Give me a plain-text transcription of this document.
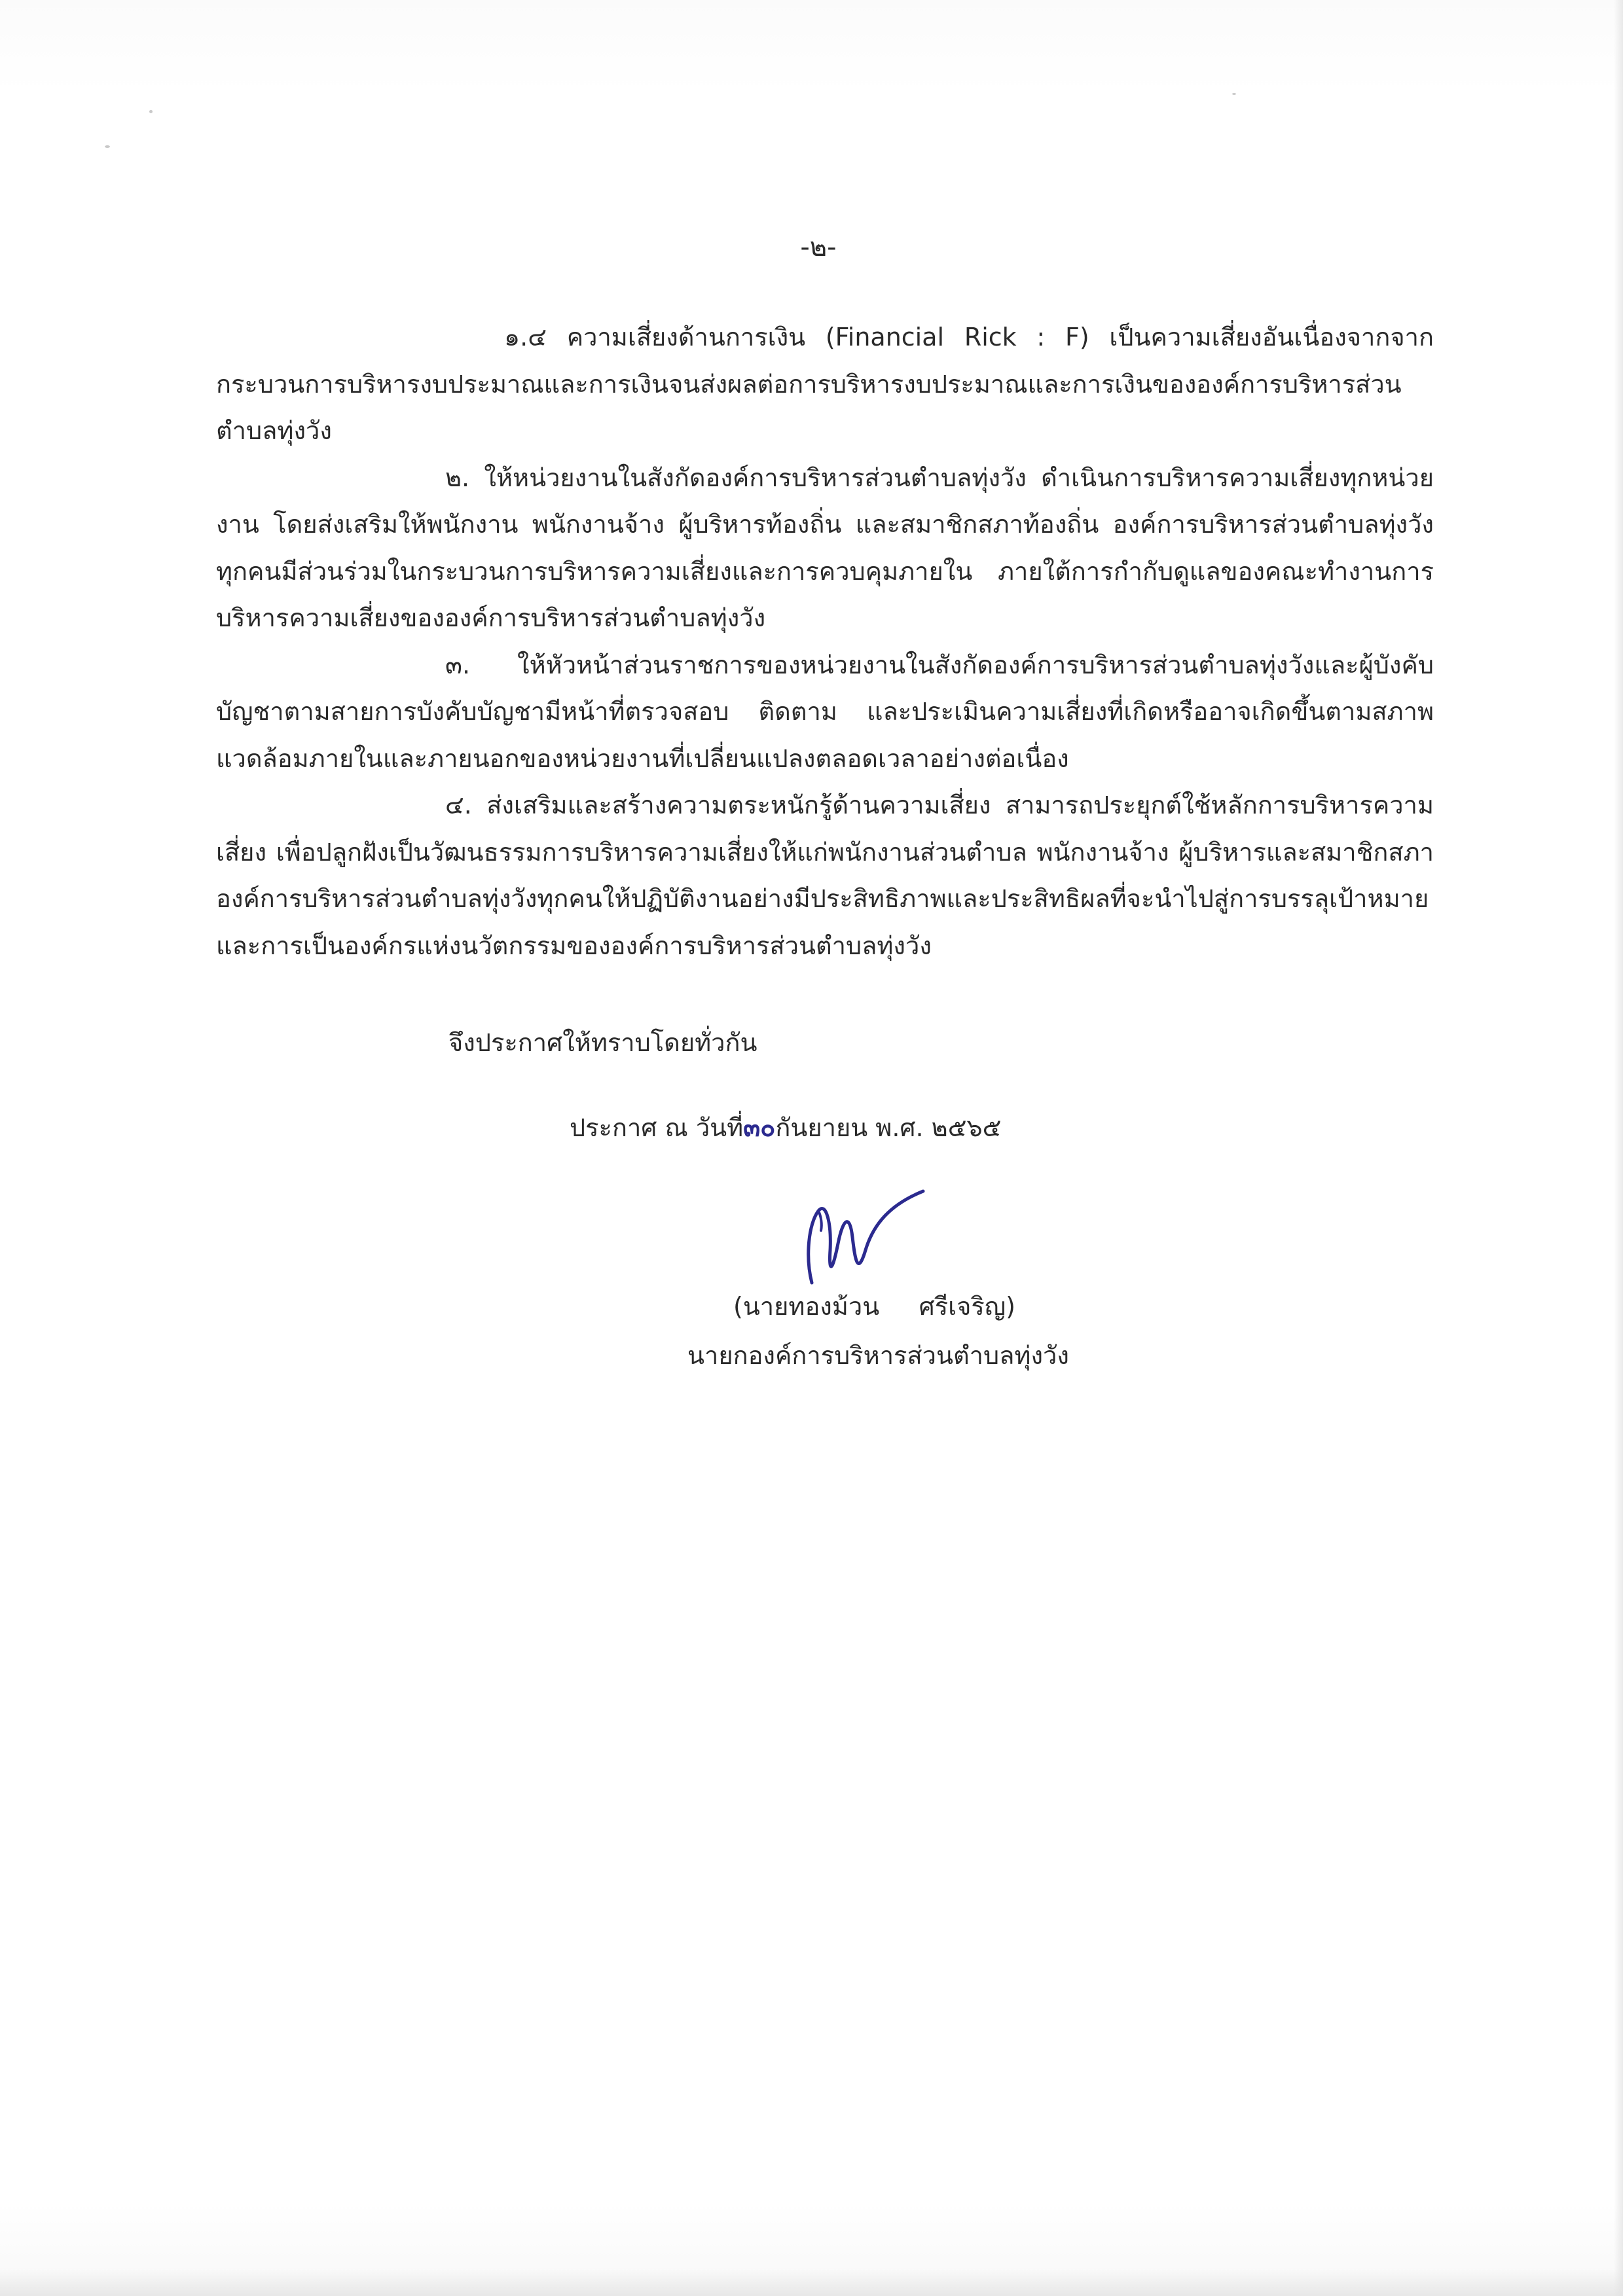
-๒-

๑.๔ ความเสี่ยงด้านการเงิน (Financial Rick : F) เป็นความเสี่ยงอันเนื่องจากจาก กระบวนการบริหารงบประมาณและการเงินจนส่งผลต่อการบริหารงบประมาณและการเงินขององค์การบริหารส่วนตำบลทุ่งวัง

๒. ให้หน่วยงานในสังกัดองค์การบริหารส่วนตำบลทุ่งวัง ดำเนินการบริหารความเสี่ยงทุกหน่วยงาน โดยส่งเสริมให้พนักงาน พนักงานจ้าง ผู้บริหารท้องถิ่น และสมาชิกสภาท้องถิ่น องค์การบริหารส่วนตำบลทุ่งวังทุกคนมีส่วนร่วมในกระบวนการบริหารความเสี่ยงและการควบคุมภายใน ภายใต้การกำกับดูแลของคณะทำงานการบริหารความเสี่ยงขององค์การบริหารส่วนตำบลทุ่งวัง

๓. ให้หัวหน้าส่วนราชการของหน่วยงานในสังกัดองค์การบริหารส่วนตำบลทุ่งวังและผู้บังคับบัญชาตามสายการบังคับบัญชามีหน้าที่ตรวจสอบ ติดตาม และประเมินความเสี่ยงที่เกิดหรืออาจเกิดขึ้นตามสภาพแวดล้อมภายในและภายนอกของหน่วยงานที่เปลี่ยนแปลงตลอดเวลาอย่างต่อเนื่อง

๔. ส่งเสริมและสร้างความตระหนักรู้ด้านความเสี่ยง สามารถประยุกต์ใช้หลักการบริหารความเสี่ยง เพื่อปลูกฝังเป็นวัฒนธรรมการบริหารความเสี่ยงให้แก่พนักงานส่วนตำบล พนักงานจ้าง ผู้บริหารและสมาชิกสภาองค์การบริหารส่วนตำบลทุ่งวังทุกคนให้ปฏิบัติงานอย่างมีประสิทธิภาพและประสิทธิผลที่จะนำไปสู่การบรรลุเป้าหมายและการเป็นองค์กรแห่งนวัตกรรมขององค์การบริหารส่วนตำบลทุ่งวัง

จึงประกาศให้ทราบโดยทั่วกัน
ประกาศ ณ วันที่๓๐กันยายน พ.ศ. ๒๕๖๕
(นายทองม้วน     ศรีเจริญ)
นายกองค์การบริหารส่วนตำบลทุ่งวัง
